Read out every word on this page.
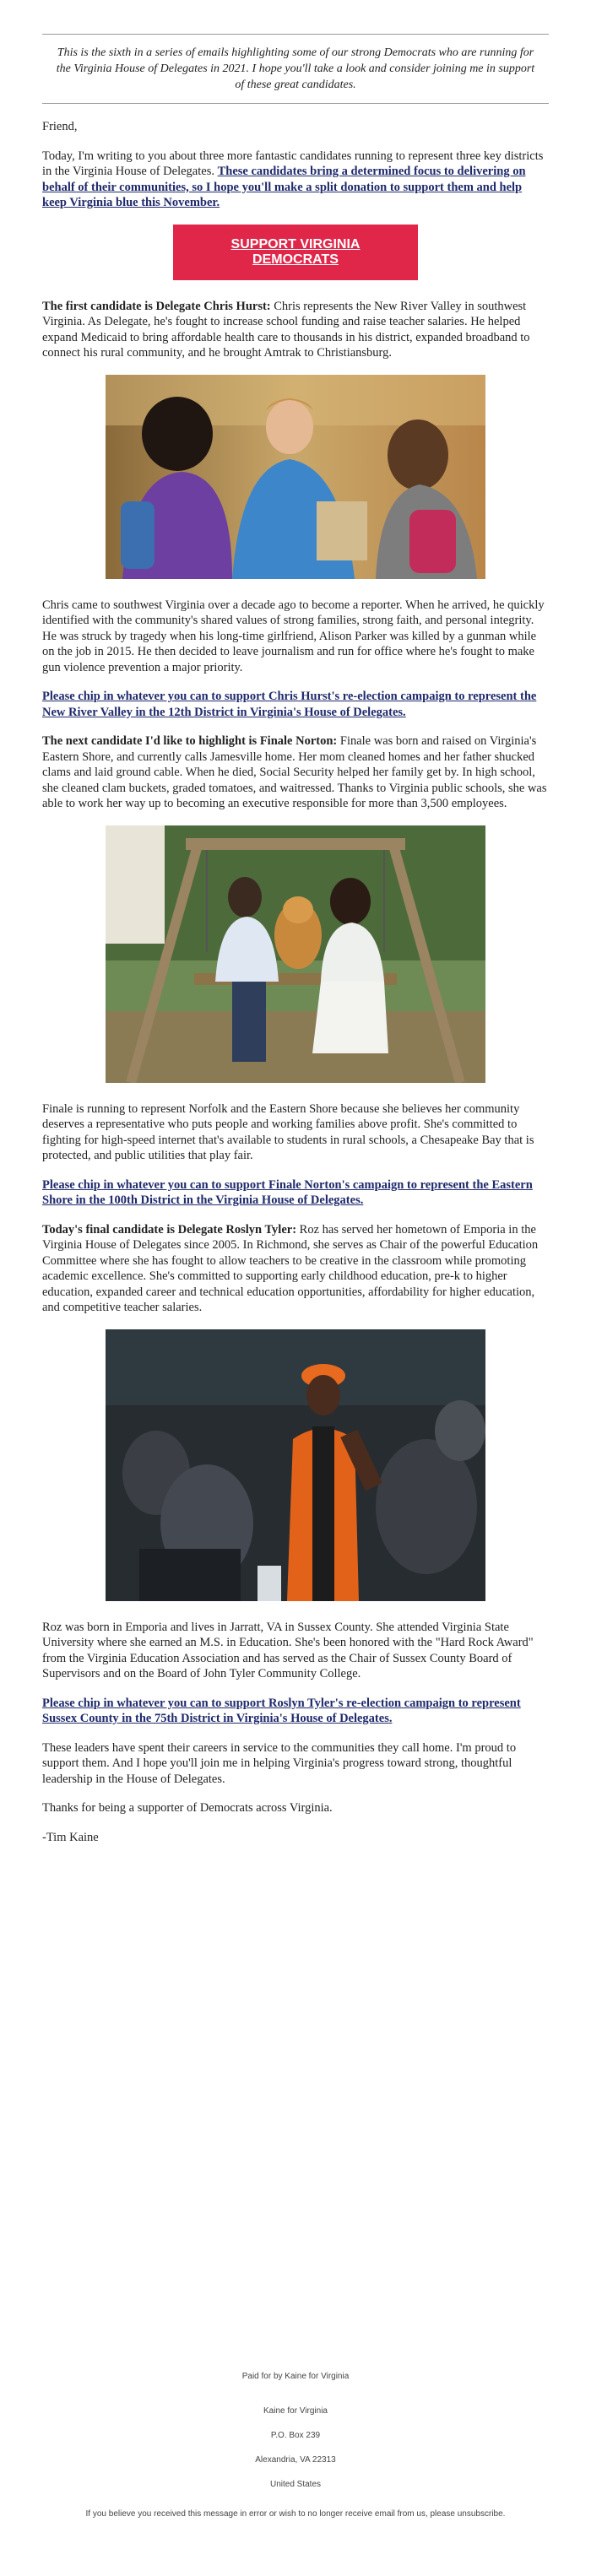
This is the sixth in a series of emails highlighting some of our strong Democrats who are running for the Virginia House of Delegates in 2021. I hope you'll take a look and consider joining me in support of these great candidates.

Friend,

Today, I'm writing to you about three more fantastic candidates running to represent three key districts in the Virginia House of Delegates. These candidates bring a determined focus to delivering on behalf of their communities, so I hope you'll make a split donation to support them and help keep Virginia blue this November.

SUPPORT VIRGINIA DEMOCRATS

The first candidate is Delegate Chris Hurst: Chris represents the New River Valley in southwest Virginia. As Delegate, he's fought to increase school funding and raise teacher salaries. He helped expand Medicaid to bring affordable health care to thousands in his district, expanded broadband to connect his rural community, and he brought Amtrak to Christiansburg.

Chris came to southwest Virginia over a decade ago to become a reporter. When he arrived, he quickly identified with the community's shared values of strong families, strong faith, and personal integrity. He was struck by tragedy when his long-time girlfriend, Alison Parker was killed by a gunman while on the job in 2015. He then decided to leave journalism and run for office where he's fought to make gun violence prevention a major priority.

Please chip in whatever you can to support Chris Hurst's re-election campaign to represent the New River Valley in the 12th District in Virginia's House of Delegates.

The next candidate I'd like to highlight is Finale Norton: Finale was born and raised on Virginia's Eastern Shore, and currently calls Jamesville home. Her mom cleaned homes and her father shucked clams and laid ground cable. When he died, Social Security helped her family get by. In high school, she cleaned clam buckets, graded tomatoes, and waitressed. Thanks to Virginia public schools, she was able to work her way up to becoming an executive responsible for more than 3,500 employees.

Finale is running to represent Norfolk and the Eastern Shore because she believes her community deserves a representative who puts people and working families above profit. She's committed to fighting for high-speed internet that's available to students in rural schools, a Chesapeake Bay that is protected, and public utilities that play fair.

Please chip in whatever you can to support Finale Norton's campaign to represent the Eastern Shore in the 100th District in the Virginia House of Delegates.

Today's final candidate is Delegate Roslyn Tyler: Roz has served her hometown of Emporia in the Virginia House of Delegates since 2005. In Richmond, she serves as Chair of the powerful Education Committee where she has fought to allow teachers to be creative in the classroom while promoting academic excellence. She's committed to supporting early childhood education, pre-k to higher education, expanded career and technical education opportunities, affordability for higher education, and competitive teacher salaries.

Roz was born in Emporia and lives in Jarratt, VA in Sussex County. She attended Virginia State University where she earned an M.S. in Education. She's been honored with the "Hard Rock Award" from the Virginia Education Association and has served as the Chair of Sussex County Board of Supervisors and on the Board of John Tyler Community College.

Please chip in whatever you can to support Roslyn Tyler's re-election campaign to represent Sussex County in the 75th District in Virginia's House of Delegates.

These leaders have spent their careers in service to the communities they call home. I'm proud to support them. And I hope you'll join me in helping Virginia's progress toward strong, thoughtful leadership in the House of Delegates.

Thanks for being a supporter of Democrats across Virginia.

-Tim Kaine

Paid for by Kaine for Virginia
Kaine for Virginia
P.O. Box 239
Alexandria, VA 22313
United States
If you believe you received this message in error or wish to no longer receive email from us, please unsubscribe.
